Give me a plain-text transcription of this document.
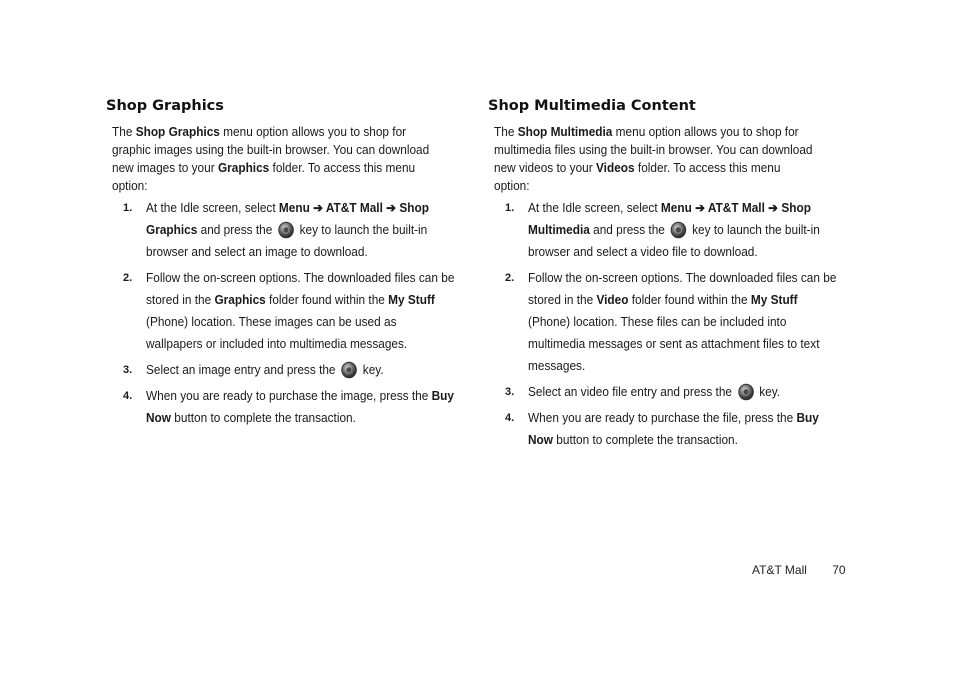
Shop Graphics

The Shop Graphics menu option allows you to shop for graphic images using the built-in browser. You can download new images to your Graphics folder. To access this menu option:

1. At the Idle screen, select Menu ➔ AT&T Mall ➔ Shop Graphics and press the  key to launch the built-in browser and select an image to download.
2. Follow the on-screen options. The downloaded files can be stored in the Graphics folder found within the My Stuff (Phone) location. These images can be used as wallpapers or included into multimedia messages.
3. Select an image entry and press the  key.
4. When you are ready to purchase the image, press the Buy Now button to complete the transaction.
Shop Multimedia Content

The Shop Multimedia menu option allows you to shop for multimedia files using the built-in browser. You can download new videos to your Videos folder. To access this menu option:

1. At the Idle screen, select Menu ➔ AT&T Mall ➔ Shop Multimedia and press the  key to launch the built-in browser and select a video file to download.
2. Follow the on-screen options. The downloaded files can be stored in the Video folder found within the My Stuff (Phone) location. These files can be included into multimedia messages or sent as attachment files to text messages.
3. Select an video file entry and press the  key.
4. When you are ready to purchase the file, press the Buy Now button to complete the transaction.
AT&T Mall 70
